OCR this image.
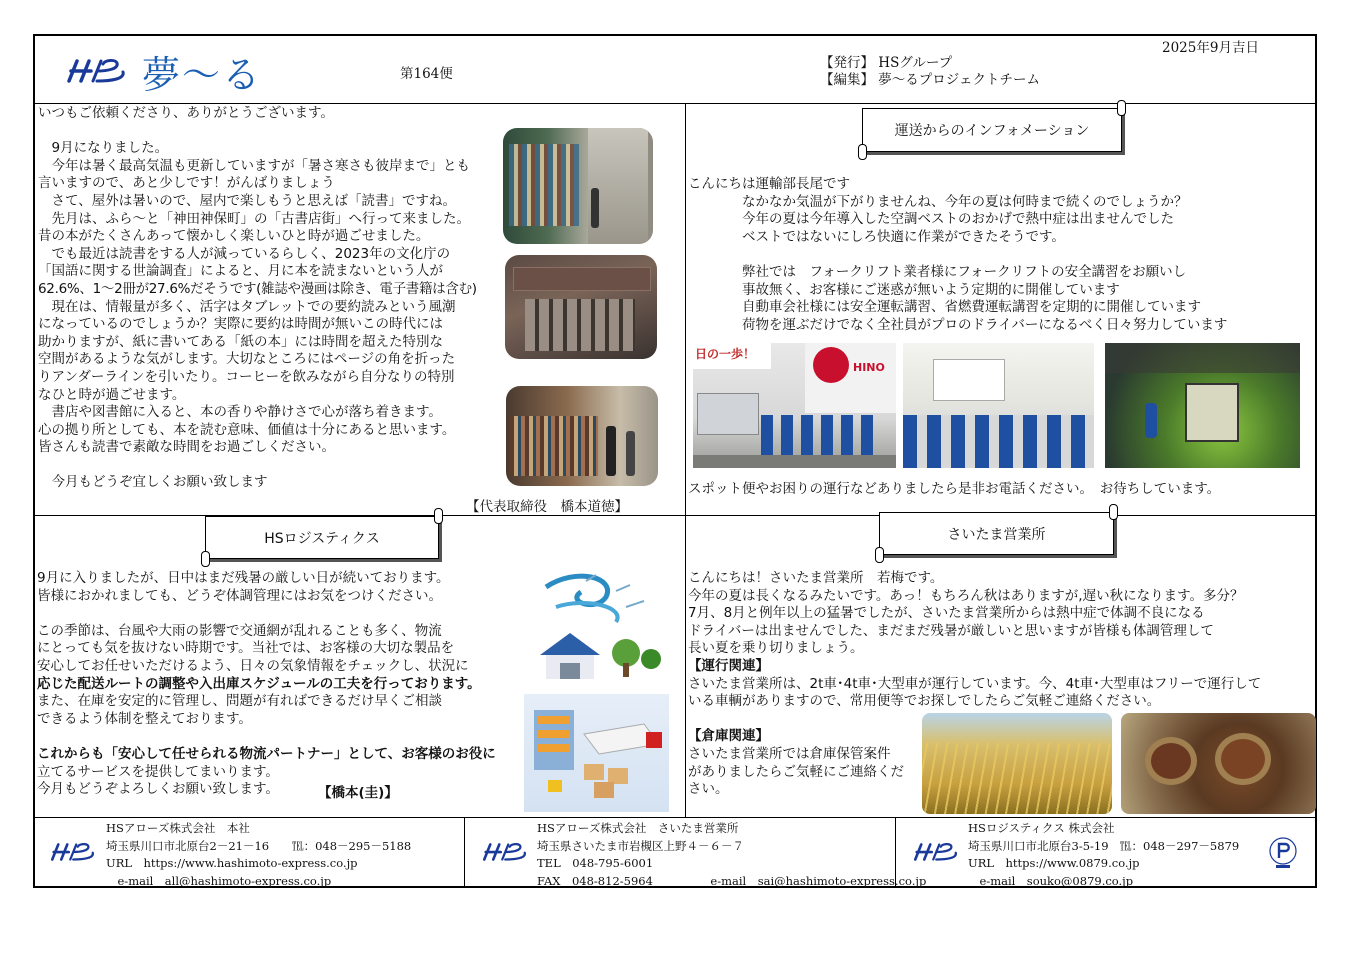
2025年9月吉日
夢～る	第164便
【発行】 HSグループ
【編集】 夢～るプロジェクトチーム
いつもご依頼くださり、ありがとうございます。
　9月になりました。
　今年は暑く最高気温も更新していますが「暑さ寒さも彼岸まで」とも
言いますので、あと少しです！がんばりましょう
　さて、屋外は暑いので、屋内で楽しもうと思えば「読書」ですね。
　先月は、ふら～と「神田神保町」の「古書店街」へ行って来ました。
昔の本がたくさんあって懐かしく楽しいひと時が過ごせました。
　でも最近は読書をする人が減っているらしく、2023年の文化庁の
「国語に関する世論調査」によると、月に本を読まないという人が
62.6%、1～2冊が27.6%だそうです(雑誌や漫画は除き、電子書籍は含む)
　現在は、情報量が多く、活字はタブレットでの要約読みという風潮
になっているのでしょうか？実際に要約は時間が無いこの時代には
助かりますが、紙に書いてある「紙の本」には時間を超えた特別な
空間があるような気がします。大切なところにはページの角を折った
りアンダーラインを引いたり。コーヒーを飲みながら自分なりの特別
なひと時が過ごせます。
　書店や図書館に入ると、本の香りや静けさで心が落ち着きます。
心の拠り所としても、本を読む意味、価値は十分にあると思います。
皆さんも読書で素敵な時間をお過ごしください。
　今月もどうぞ宜しくお願い致します
【代表取締役　橋本道徳】
運送からのインフォメーション
こんにちは運輸部長尾です
　　　　なかなか気温が下がりませんね、今年の夏は何時まで続くのでしょうか？
　　　　今年の夏は今年導入した空調ベストのおかげで熱中症は出ませんでした
　　　　ベストではないにしろ快適に作業ができたそうです。
　　　　弊社では　フォークリフト業者様にフォークリフトの安全講習をお願いし
　　　　事故無く、お客様にご迷惑が無いよう定期的に開催しています
　　　　自動車会社様には安全運転講習、省燃費運転講習を定期的に開催しています
　　　　荷物を運ぶだけでなく全社員がプロのドライバーになるべく日々努力しています
日の一歩！
HINO
スポット便やお困りの運行などありましたら是非お電話ください。　お待ちしています。
HSロジスティクス
9月に入りましたが、日中はまだ残暑の厳しい日が続いております。
皆様におかれましても、どうぞ体調管理にはお気をつけください。
この季節は、台風や大雨の影響で交通網が乱れることも多く、物流
にとっても気を抜けない時期です。当社では、お客様の大切な製品を
安心してお任せいただけるよう、日々の気象情報をチェックし、状況に
応じた配送ルートの調整や入出庫スケジュールの工夫を行っております。
また、在庫を安定的に管理し、問題が有ればできるだけ早くご相談
できるよう体制を整えております。
これからも「安心して任せられる物流パートナー」として、お客様のお役に
立てるサービスを提供してまいります。
今月もどうぞよろしくお願い致します。	【橋本(圭)】
さいたま営業所
こんにちは！さいたま営業所　若梅です。
今年の夏は長くなるみたいです。あっ！もちろん秋はありますが,遅い秋になります。多分？
7月、8月と例年以上の猛暑でしたが、さいたま営業所からは熱中症で体調不良になる
ドライバーは出ませんでした、まだまだ残暑が厳しいと思いますが皆様も体調管理して
長い夏を乗り切りましょう。
【運行関連】
さいたま営業所は、2t車･4t車･大型車が運行しています。今、4t車･大型車はフリーで運行して
いる車輌がありますので、常用便等でお探しでしたらご気軽ご連絡ください。
【倉庫関連】
さいたま営業所では倉庫保管案件
がありましたらご気軽にご連絡くだ
さい。
HSアローズ株式会社　本社
埼玉県川口市北原台2－21－16　　℡：048－295－5188
URL　https://www.hashimoto-express.co.jp
　e-mail　all@hashimoto-express.co.jp
HSアローズ株式会社　さいたま営業所
埼玉県さいたま市岩槻区上野４－６－７
TEL　048-795-6001
FAX　048-812-5964　　　　　e-mail　sai@hashimoto-express.co.jp
HSロジスティクス 株式会社
埼玉県川口市北原台3-5-19　℡：048－297－5879
URL　https://www.0879.co.jp
　e-mail　souko@0879.co.jp
